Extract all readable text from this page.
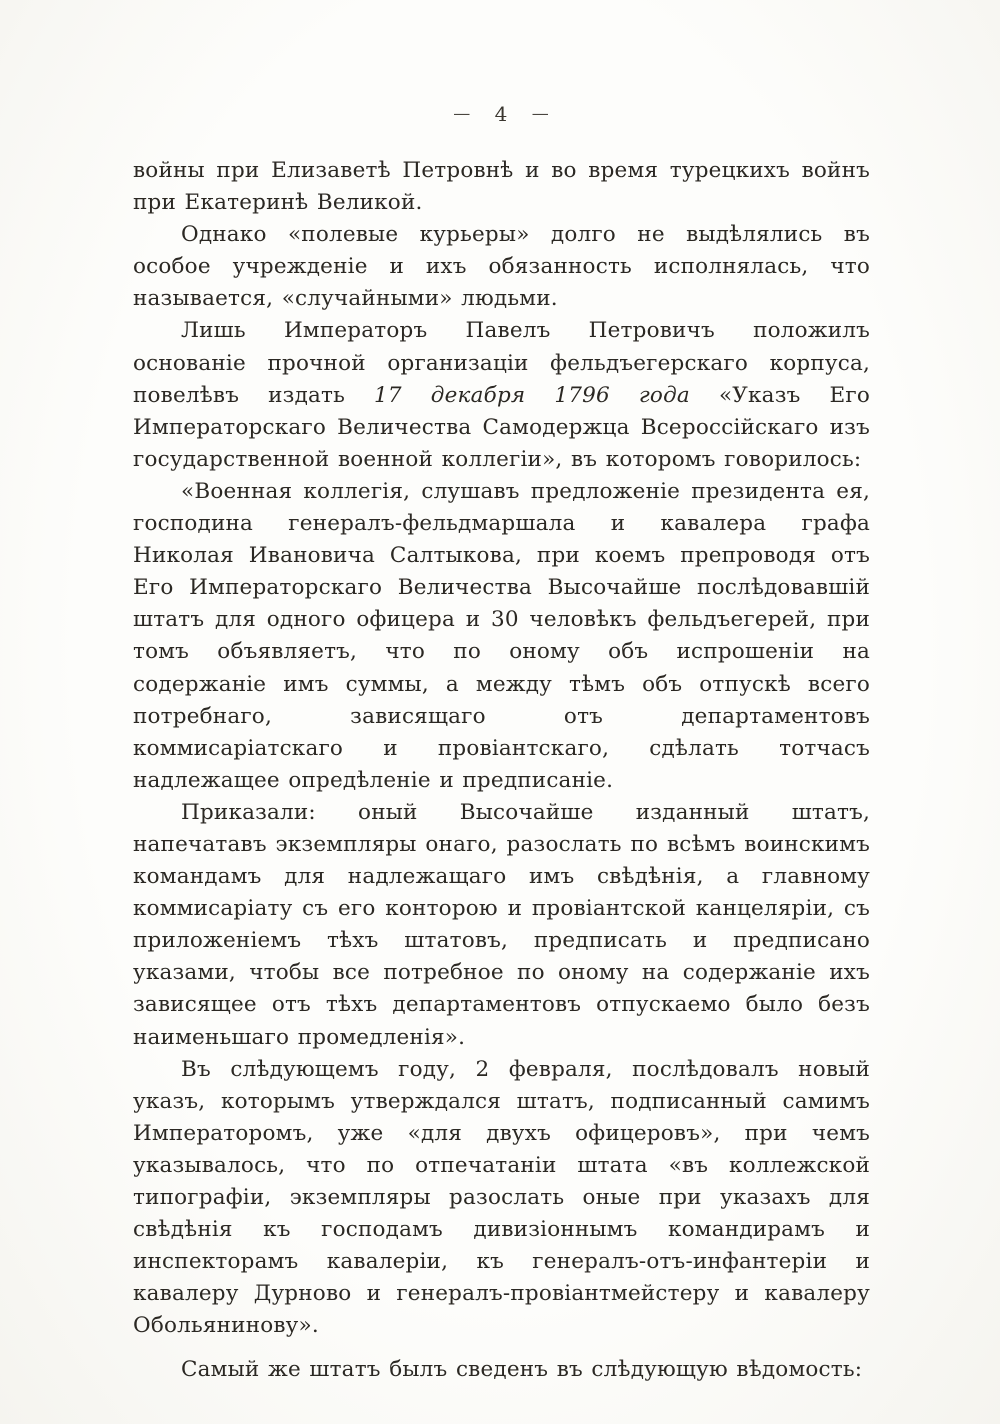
— 4 —

войны при Елизаветѣ Петровнѣ и во время турецкихъ войнъ при Екатеринѣ Великой.

Однако «полевые курьеры» долго не выдѣлялись въ особое учрежденіе и ихъ обязанность исполнялась, что называется, «случайными» людьми.

Лишь Императоръ Павелъ Петровичъ положилъ основаніе прочной организаціи фельдъегерскаго корпуса, повелѣвъ издать 17 декабря 1796 года «Указъ Его Императорскаго Величества Самодержца Всероссійскаго изъ государственной военной коллегіи», въ которомъ говорилось:

«Военная коллегія, слушавъ предложеніе президента ея, господина генералъ-фельдмаршала и кавалера графа Николая Ивановича Салтыкова, при коемъ препроводя отъ Его Императорскаго Величества Высочайше послѣдовавшій штатъ для одного офицера и 30 человѣкъ фельдъегерей, при томъ объявляетъ, что по оному объ испрошеніи на содержаніе имъ суммы, а между тѣмъ объ отпускѣ всего потребнаго, зависящаго отъ департаментовъ коммисаріатскаго и провіантскаго, сдѣлать тотчасъ надлежащее опредѣленіе и предписаніе.

Приказали: оный Высочайше изданный штатъ, напечатавъ экземпляры онаго, разослать по всѣмъ воинскимъ командамъ для надлежащаго имъ свѣдѣнія, а главному коммисаріату съ его конторою и провіантской канцеляріи, съ приложеніемъ тѣхъ штатовъ, предписать и предписано указами, чтобы все потребное по оному на содержаніе ихъ зависящее отъ тѣхъ департаментовъ отпускаемо было безъ наименьшаго промедленія».

Въ слѣдующемъ году, 2 февраля, послѣдовалъ новый указъ, которымъ утверждался штатъ, подписанный самимъ Императоромъ, уже «для двухъ офицеровъ», при чемъ указывалось, что по отпечатаніи штата «въ коллежской типографіи, экземпляры разослать оные при указахъ для свѣдѣнія къ господамъ дивизіоннымъ командирамъ и инспекторамъ кавалеріи, къ генералъ-отъ-инфантеріи и кавалеру Дурново и генералъ-провіантмейстеру и кавалеру Обольянинову».

Самый же штатъ былъ сведенъ въ слѣдующую вѣдомость:
